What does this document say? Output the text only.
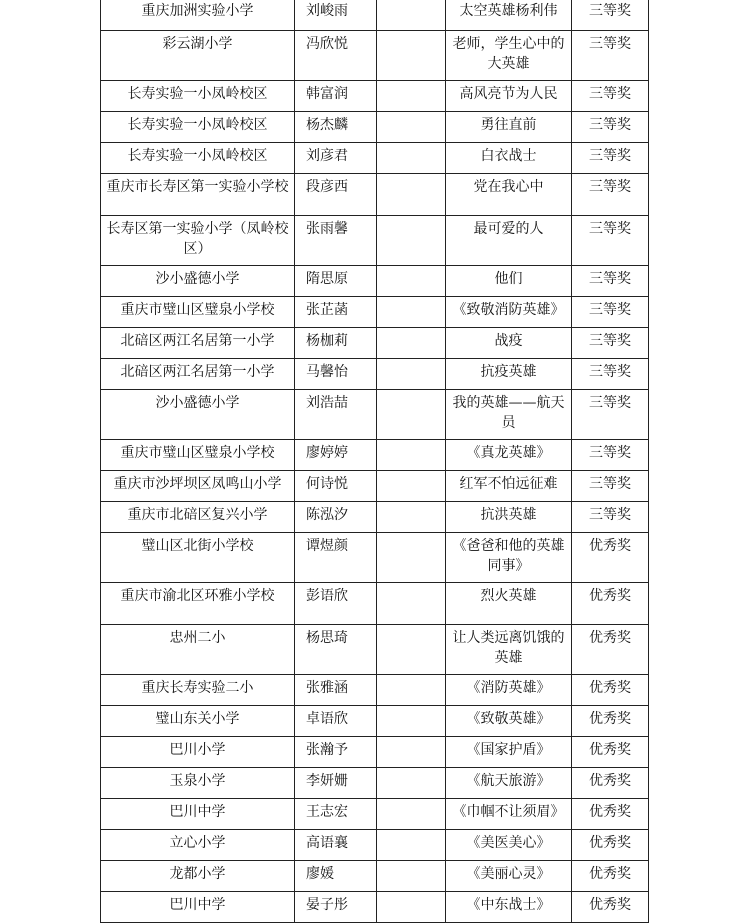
重庆加洲实验小学	刘峻雨		太空英雄杨利伟	三等奖
彩云湖小学	冯欣悦		老师，学生心中的大英雄	三等奖
长寿实验一小凤岭校区	韩富润		高风亮节为人民	三等奖
长寿实验一小凤岭校区	杨杰麟		勇往直前	三等奖
长寿实验一小凤岭校区	刘彦君		白衣战士	三等奖
重庆市长寿区第一实验小学校	段彦西		党在我心中	三等奖
长寿区第一实验小学（凤岭校区）	张雨馨		最可爱的人	三等奖
沙小盛德小学	隋思原		他们	三等奖
重庆市璧山区璧泉小学校	张芷菡		《致敬消防英雄》	三等奖
北碚区两江名居第一小学	杨枷莉		战疫	三等奖
北碚区两江名居第一小学	马馨怡		抗疫英雄	三等奖
沙小盛德小学	刘浩喆		我的英雄——航天员	三等奖
重庆市璧山区璧泉小学校	廖婷婷		《真龙英雄》	三等奖
重庆市沙坪坝区凤鸣山小学	何诗悦		红军不怕远征难	三等奖
重庆市北碚区复兴小学	陈泓汐		抗洪英雄	三等奖
璧山区北街小学校	谭煜颜		《爸爸和他的英雄同事》	优秀奖
重庆市渝北区环雅小学校	彭语欣		烈火英雄	优秀奖
忠州二小	杨思琦		让人类远离饥饿的英雄	优秀奖
重庆长寿实验二小	张雅涵		《消防英雄》	优秀奖
璧山东关小学	卓语欣		《致敬英雄》	优秀奖
巴川小学	张瀚予		《国家护盾》	优秀奖
玉泉小学	李妍姗		《航天旅游》	优秀奖
巴川中学	王志宏		《巾帼不让须眉》	优秀奖
立心小学	高语襄		《美医美心》	优秀奖
龙都小学	廖媛		《美丽心灵》	优秀奖
巴川中学	晏子彤		《中东战士》	优秀奖
